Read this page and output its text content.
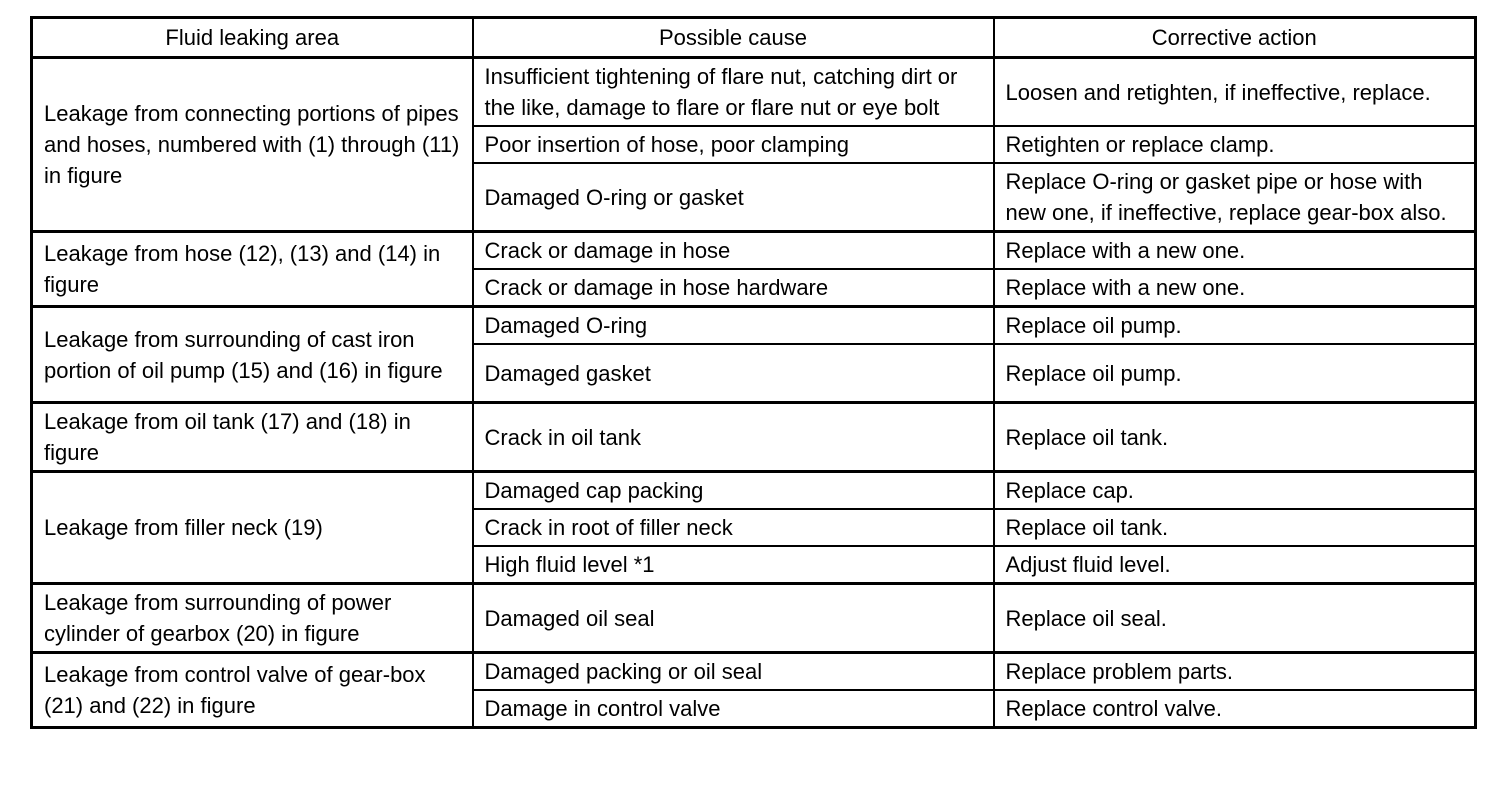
Fluid leaking area	Possible cause	Corrective action
Leakage from connecting portions of pipes and hoses, numbered with (1) through (11) in figure	Insufficient tightening of flare nut, catching dirt or the like, damage to flare or flare nut or eye bolt	Loosen and retighten, if ineffective, replace.
	Poor insertion of hose, poor clamping	Retighten or replace clamp.
	Damaged O-ring or gasket	Replace O-ring or gasket pipe or hose with new one, if ineffective, replace gear-box also.
Leakage from hose (12), (13) and (14) in figure	Crack or damage in hose	Replace with a new one.
	Crack or damage in hose hardware	Replace with a new one.
Leakage from surrounding of cast iron portion of oil pump (15) and (16) in figure	Damaged O-ring	Replace oil pump.
	Damaged gasket	Replace oil pump.
Leakage from oil tank (17) and (18) in figure	Crack in oil tank	Replace oil tank.
Leakage from filler neck (19)	Damaged cap packing	Replace cap.
	Crack in root of filler neck	Replace oil tank.
	High fluid level *1	Adjust fluid level.
Leakage from surrounding of power cylinder of gearbox (20) in figure	Damaged oil seal	Replace oil seal.
Leakage from control valve of gear-box (21) and (22) in figure	Damaged packing or oil seal	Replace problem parts.
	Damage in control valve	Replace control valve.
